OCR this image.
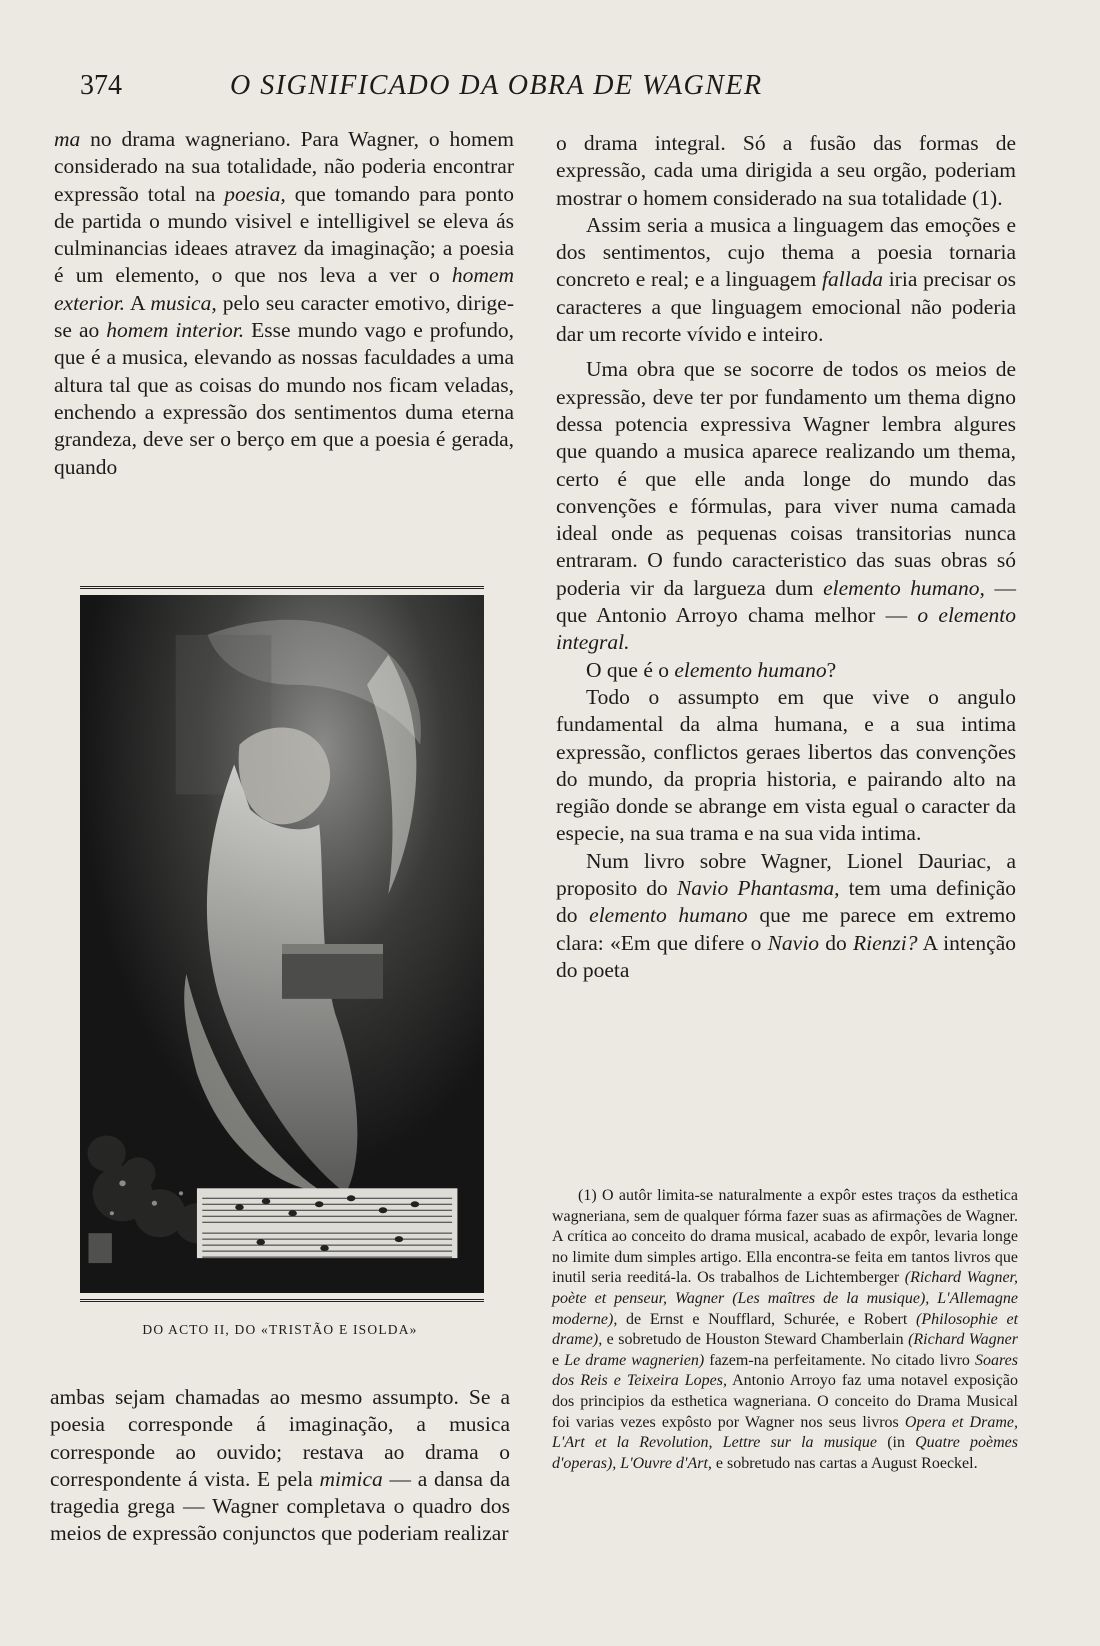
374	O SIGNIFICADO DA OBRA DE WAGNER

ma no drama wagneriano. Para Wagner, o homem considerado na sua totalidade, não poderia encontrar expressão total na poesia, que tomando para ponto de partida o mundo visivel e intelligivel se eleva ás culminancias ideaes atravez da imaginação; a poesia é um elemento, o que nos leva a ver o homem exterior. A musica, pelo seu caracter emotivo, dirige-se ao homem interior. Esse mundo vago e profundo, que é a musica, elevando as nossas faculdades a uma altura tal que as coisas do mundo nos ficam veladas, enchendo a expressão dos sentimentos duma eterna grandeza, deve ser o berço em que a poesia é gerada, quando

DO ACTO II, DO «TRISTÃO E ISOLDA»

ambas sejam chamadas ao mesmo assumpto. Se a poesia corresponde á imaginação, a musica corresponde ao ouvido; restava ao drama o correspondente á vista. E pela mimica — a dansa da tragedia grega — Wagner completava o quadro dos meios de expressão conjunctos que poderiam realizar

o drama integral. Só a fusão das formas de expressão, cada uma dirigida a seu orgão, poderiam mostrar o homem considerado na sua totalidade (1).

Assim seria a musica a linguagem das emoções e dos sentimentos, cujo thema a poesia tornaria concreto e real; e a linguagem fallada iria precisar os caracteres a que linguagem emocional não poderia dar um recorte vívido e inteiro.

Uma obra que se socorre de todos os meios de expressão, deve ter por fundamento um thema digno dessa potencia expressiva Wagner lembra algures que quando a musica aparece realizando um thema, certo é que elle anda longe do mundo das convenções e fórmulas, para viver numa camada ideal onde as pequenas coisas transitorias nunca entraram. O fundo caracteristico das suas obras só poderia vir da largueza dum elemento humano, — que Antonio Arroyo chama melhor — o elemento integral.

O que é o elemento humano?

Todo o assumpto em que vive o angulo fundamental da alma humana, e a sua intima expressão, conflictos geraes libertos das convenções do mundo, da propria historia, e pairando alto na região donde se abrange em vista egual o caracter da especie, na sua trama e na sua vida intima.

Num livro sobre Wagner, Lionel Dauriac, a proposito do Navio Phantasma, tem uma definição do elemento humano que me parece em extremo clara: «Em que difere o Navio do Rienzi? A intenção do poeta

(1) O autôr limita-se naturalmente a expôr estes traços da esthetica wagneriana, sem de qualquer fórma fazer suas as afirmações de Wagner. A crítica ao conceito do drama musical, acabado de expôr, levaria longe no limite dum simples artigo. Ella encontra-se feita em tantos livros que inutil seria reeditá-la. Os trabalhos de Lichtemberger (Richard Wagner, poète et penseur, Wagner (Les maîtres de la musique), L'Allemagne moderne), de Ernst e Noufflard, Schurée, e Robert (Philosophie et drame), e sobretudo de Houston Steward Chamberlain (Richard Wagner e Le drame wagnerien) fazem-na perfeitamente. No citado livro Soares dos Reis e Teixeira Lopes, Antonio Arroyo faz uma notavel exposição dos principios da esthetica wagneriana. O conceito do Drama Musical foi varias vezes expôsto por Wagner nos seus livros Opera et Drame, L'Art et la Revolution, Lettre sur la musique (in Quatre poèmes d'operas), L'Ouvre d'Art, e sobretudo nas cartas a August Roeckel.
